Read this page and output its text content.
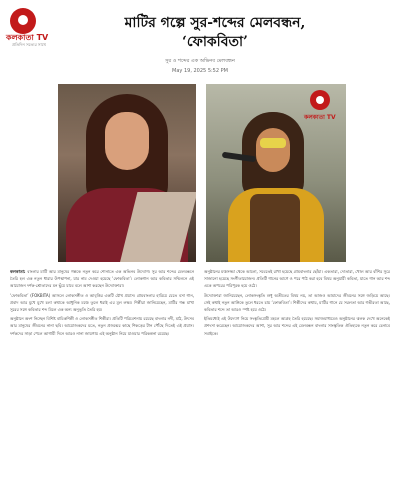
কলকাতা TV
প্রতিদিন সত্যের সাথে
মাটির গল্পে সুর-শব্দের মেলবন্ধন,
‘ফোকবিতা’
সুর ও শব্দের এক অভিনব মেলবন্ধন
May 19, 2025 5:52 PM
কলকাতা TV
কলকাতা: বাংলার মাটি আর মানুষের গল্পকে নতুন করে শোনাতে এক অভিনব উদ্যোগ। সুর আর শব্দের মেলবন্ধনে তৈরি হল এক নতুন ধারার উপস্থাপনা, যার নাম দেওয়া হয়েছে ‘ফোকবিতা’। লোকগান আর কবিতার সম্মিলনে এই আয়োজন দর্শক-শ্রোতাদের মন ছুঁয়ে যাবে বলে আশা করছেন উদ্যোক্তারা।
‘ফোকবিতা’ (FOKBITA) আসলে লোকসঙ্গীত ও আবৃত্তির একটি যৌথ প্রয়াস। গ্রামবাংলার হারিয়ে যেতে বসা গান, প্রবাদ আর মুখে মুখে চলা কথাকে আধুনিক মঞ্চে তুলে ধরাই এর মূল লক্ষ্য। শিল্পীরা জানিয়েছেন, মাটির গন্ধ মাখা সুরের সঙ্গে কবিতার শব্দ মিলে এক অন্য অনুভূতি তৈরি হয়।
অনুষ্ঠানে অংশ নিচ্ছেন বিশিষ্ট বাচিকশিল্পী ও লোকসঙ্গীত শিল্পীরা। প্রতিটি পরিবেশনায় রয়েছে বাংলার নদী, মাঠ, উৎসব আর মানুষের জীবনের নানা ছবি। আয়োজকদের মতে, নতুন প্রজন্মের কাছে শিকড়ের টান পৌঁছে দিতেই এই প্রয়াস। দর্শকদের সাড়া পেলে আগামী দিনে আরও নানা জায়গায় এই অনুষ্ঠান নিয়ে যাওয়ার পরিকল্পনা রয়েছে।
অনুষ্ঠানের মঞ্চসজ্জা থেকে আলো, সবেতেই রাখা হয়েছে গ্রামবাংলার ছোঁয়া। একতারা, দোতারা, খোল আর বাঁশির সুরে সাজানো হয়েছে সংগীতায়োজন। প্রতিটি গানের আগে ও পরে পাঠ করা হবে বিষয় অনুযায়ী কবিতা, যাতে গান আর শব্দ একে অপরের পরিপূরক হয়ে ওঠে।
উদ্যোক্তারা জানিয়েছেন, লোকসংস্কৃতি শুধু অতীতের বিষয় নয়, তা আজও আমাদের জীবনের সঙ্গে জড়িয়ে আছে। সেই কথাই নতুন আঙ্গিকে তুলে ধরতে চায় ‘ফোকবিতা’। শিল্পীদের কথায়, মাটির গানে যে সরলতা আর গভীরতা আছে, কবিতার শব্দে তা আরও স্পষ্ট হয়ে ওঠে।
ইতিমধ্যেই এই উদ্যোগ নিয়ে সংস্কৃতিপ্রেমী মহলে আগ্রহ তৈরি হয়েছে। সমাজমাধ্যমেও অনুষ্ঠানের ঝলক দেখে অনেকেই প্রশংসা করেছেন। আয়োজকদের আশা, সুর আর শব্দের এই মেলবন্ধন বাংলার সাংস্কৃতিক ঐতিহ্যকে নতুন করে চেনাবে সবাইকে।
